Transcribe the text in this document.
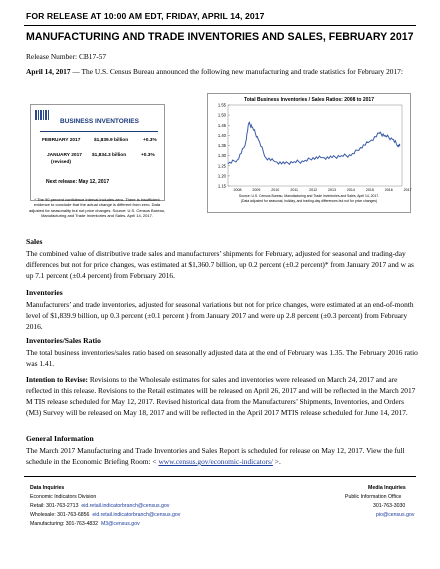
FOR RELEASE AT 10:00 AM EDT, FRIDAY, APRIL 14, 2017
MANUFACTURING AND TRADE INVENTORIES AND SALES, FEBRUARY 2017
Release Number: CB17-57
April 14, 2017 — The U.S. Census Bureau announced the following new manufacturing and trade statistics for February 2017:
BUSINESS INVENTORIES
FEBRUARY 2017	$1,839.9 billion	+0.3%
JANUARY 2017
(revised)
$1,834.3 billion	+0.3%
Next release: May 12, 2017
* The 90 percent confidence interval includes zero. There is insufficient evidence to conclude that the actual change is different from zero. Data adjusted for seasonality but not price changes. Source: U.S. Census Bureau, Manufacturing and Trade Inventories and Sales, April 14, 2017.
Total Business Inventories / Sales Ratios: 2008 to 2017
1.15
1.20
1.25
1.30
1.35
1.40
1.45
1.50
1.55
2008	2009	2010	2011	2012	2013	2014	2015	2016	2017
Source: U.S. Census Bureau, Manufacturing and Trade Inventories and Sales, April 14, 2017.
(Data adjusted for seasonal, holiday, and trading-day differences but not for price changes)
Sales
The combined value of distributive trade sales and manufacturers’ shipments for February, adjusted for seasonal and trading-day differences but not for price changes, was estimated at $1,360.7 billion, up 0.2 percent (±0.2 percent)* from January 2017 and w as up 7.1 percent (±0.4 percent) from February 2016.
Inventories
Manufacturers’ and trade inventories, adjusted for seasonal variations but not for price changes, were estimated at an end-of-month level of $1,839.9 billion, up 0.3 percent (±0.1 percent ) from January 2017 and were up 2.8 percent (±0.3 percent) from February 2016.
Inventories/Sales Ratio
The total business inventories/sales ratio based on seasonally adjusted data at the end of February was 1.35. The February 2016 ratio was 1.41.
Intention to Revise: Revisions to the Wholesale estimates for sales and inventories were released on March 24, 2017 and are reflected in this release. Revisions to the Retail estimates will be released on April 26, 2017 and will be reflected in the March 2017 M TIS release scheduled for May 12, 2017. Revised historical data from the Manufacturers’ Shipments, Inventories, and Orders (M3) Survey will be released on May 18, 2017 and will be reflected in the April 2017 MTIS release scheduled for June 14, 2017.
General Information
The March 2017 Manufacturing and Trade Inventories and Sales Report is scheduled for release on May 12, 2017. View the full schedule in the Economic Briefing Room: < www.census.gov/economic-indicators/ >.
Data Inquiries
Economic Indicators Division
Retail: 301-763-2713 eid.retail.indicatorbranch@census.gov
Wholesale: 301-763-6856 eid.retail.indicatorbranch@census.gov
Manufacturing: 301-763-4832 M3@census.gov
Media Inquiries
Public Information Office
301-763-3030
pio@census.gov
